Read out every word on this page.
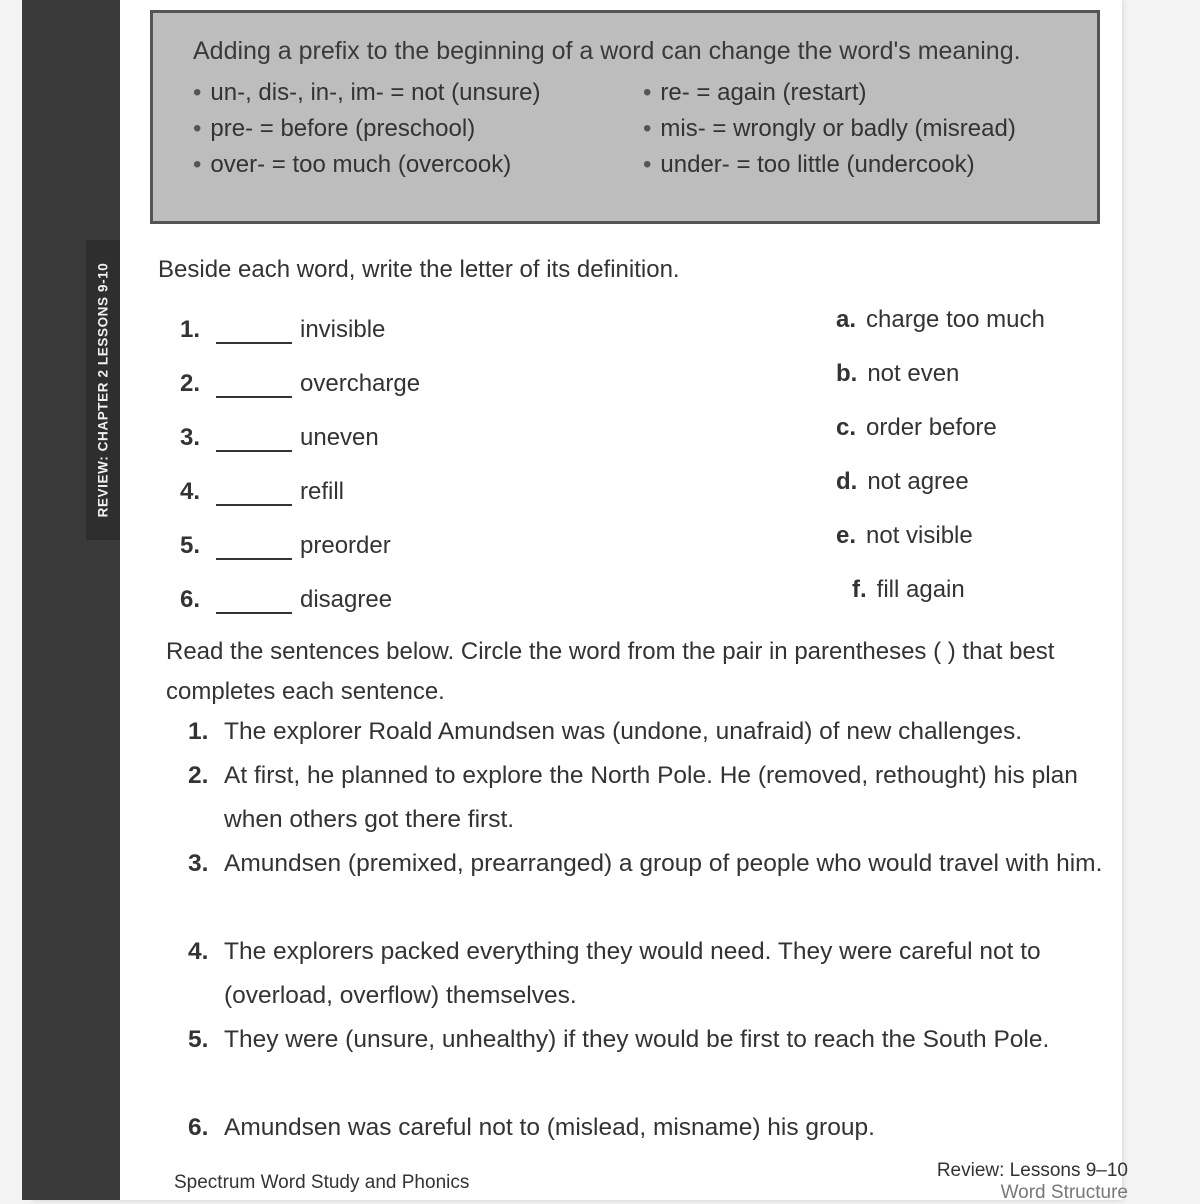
REVIEW: CHAPTER 2 LESSONS 9-10

Adding a prefix to the beginning of a word can change the word's meaning.

• un-, dis-, in-, im- = not (unsure)
• pre- = before (preschool)
• over- = too much (overcook)
• re- = again (restart)
• mis- = wrongly or badly (misread)
• under- = too little (undercook)

Beside each word, write the letter of its definition.

1.	invisible
2.	overcharge
3.	uneven
4.	refill
5.	preorder
6.	disagree
a. charge too much
b. not even
c. order before
d. not agree
e. not visible
f. fill again

Read the sentences below. Circle the word from the pair in parentheses ( ) that best completes each sentence.

1. The explorer Roald Amundsen was (undone, unafraid) of new challenges.
2. At first, he planned to explore the North Pole. He (removed, rethought) his plan when others got there first.
3. Amundsen (premixed, prearranged) a group of people who would travel with him.
4. The explorers packed everything they would need. They were careful not to (overload, overflow) themselves.
5. They were (unsure, unhealthy) if they would be first to reach the South Pole.
6. Amundsen was careful not to (mislead, misname) his group.
Spectrum Word Study and Phonics
Review: Lessons 9–10
Word Structure
